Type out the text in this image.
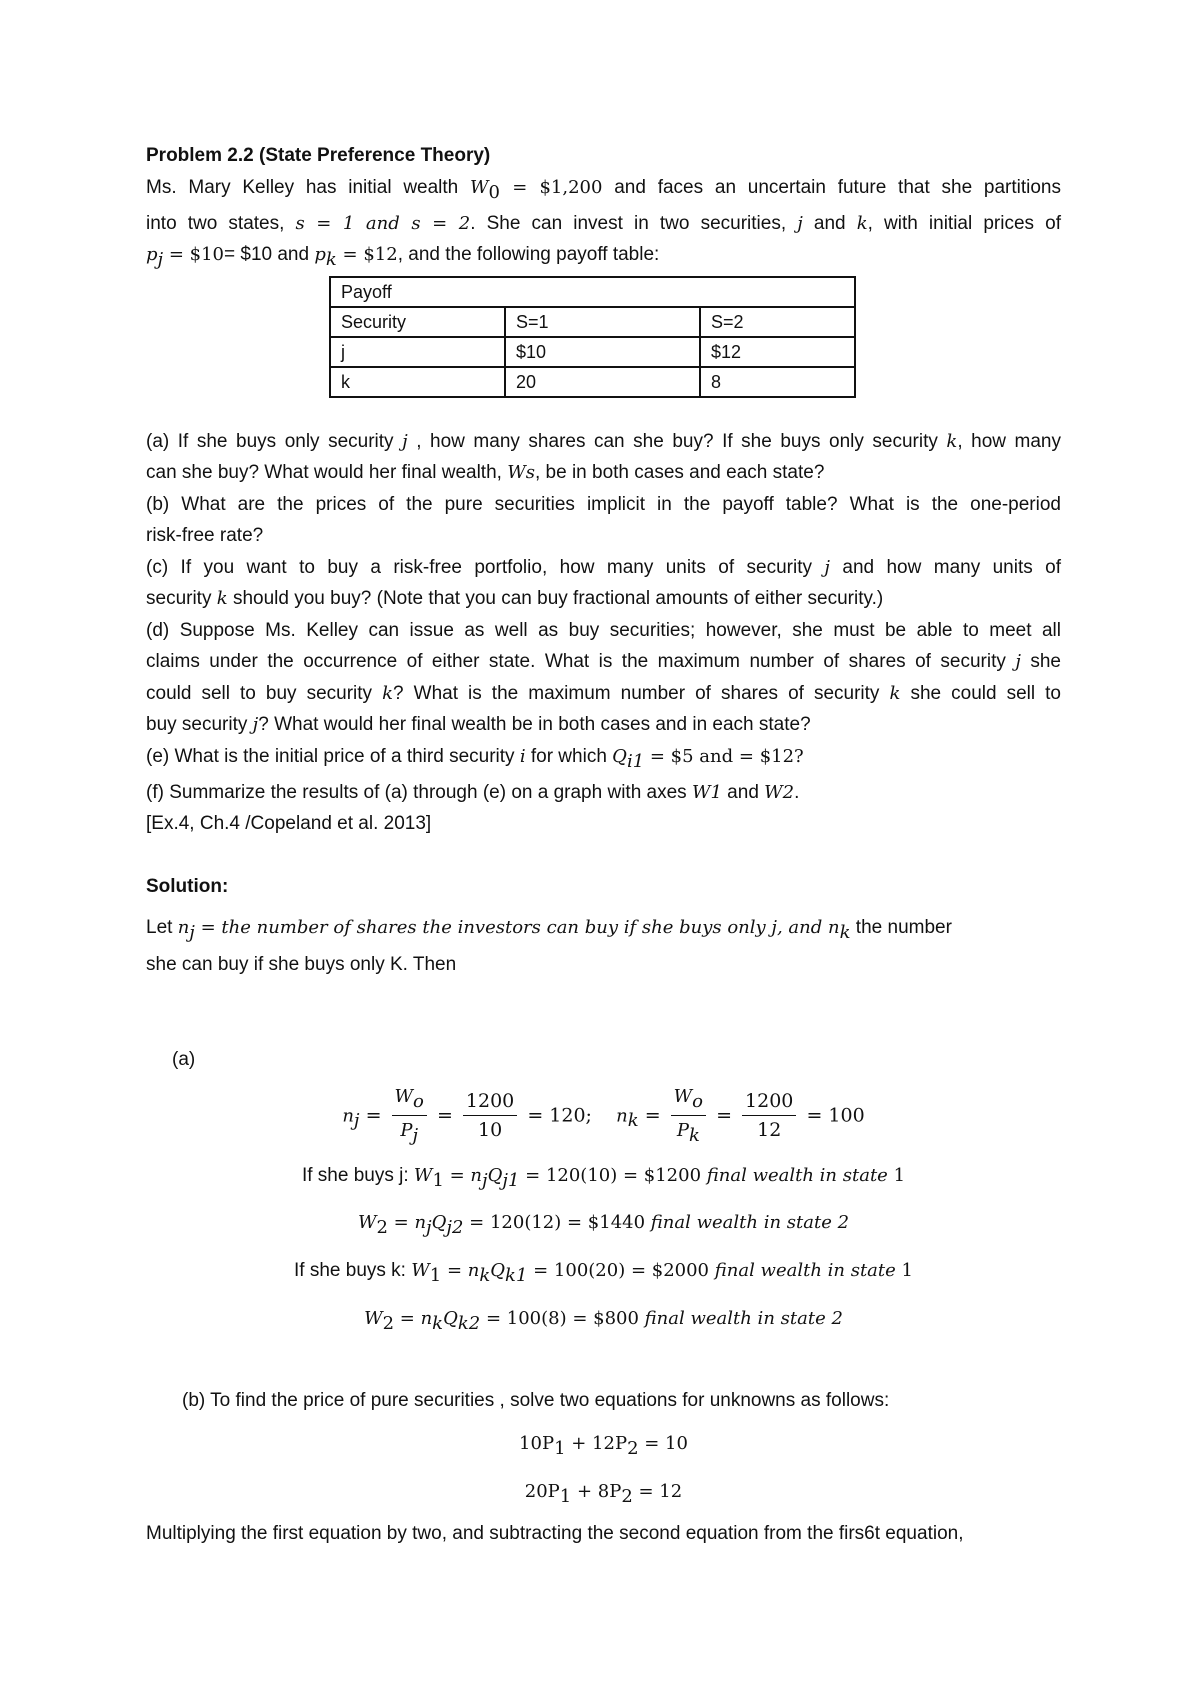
Problem 2.2 (State Preference Theory)

Ms. Mary Kelley has initial wealth $W_0$ = $1,200 and faces an uncertain future that she partitions

into two states, s = 1 and s = 2. She can invest in two securities, j and k, with initial prices of

$p_j$ = $10= $10 and $p_k$ = $12, and the following payoff table:

Payoff		
Security	S=1	S=2
j	$10	$12
k	20	8

(a) If she buys only security j , how many shares can she buy? If she buys only security k, how many

can she buy? What would her final wealth, Ws, be in both cases and each state?

(b) What are the prices of the pure securities implicit in the payoff table? What is the one-period

risk-free rate?

(c) If you want to buy a risk-free portfolio, how many units of security j and how many units of

security k should you buy? (Note that you can buy fractional amounts of either security.)

(d) Suppose Ms. Kelley can issue as well as buy securities; however, she must be able to meet all

claims under the occurrence of either state. What is the maximum number of shares of security j she

could sell to buy security k? What is the maximum number of shares of security k she could sell to

buy security j? What would her final wealth be in both cases and in each state?

(e) What is the initial price of a third security i for which $Q_{i1}$ = $5 and = $12?

(f) Summarize the results of (a) through (e) on a graph with axes W1 and W2.

[Ex.4, Ch.4 /Copeland et al. 2013]

Solution:

Let $n_j$ = the number of shares the investors can buy if she buys only j, and $n_k$ the number

she can buy if she buys only K. Then

(a)

$n_j = \frac{W_o}{P_j} = \frac{1200}{10} = 120$; $n_k = \frac{W_o}{P_k} = \frac{1200}{12} = 100$
If she buys j: $W_1 = n_jQ_{j1} = 120(10)$ = $1200 final wealth in state 1
$W_2 = n_jQ_{j2} = 120(12)$ = $1440 final wealth in state 2
If she buys k: $W_1 = n_kQ_{k1} = 100(20)$ = $2000 final wealth in state 1
$W_2 = n_kQ_{k2} = 100(8)$ = $800 final wealth in state 2

(b) To find the price of pure securities , solve two equations for unknowns as follows:

$10P_1 + 12P_2 = 10$
$20P_1 + 8P_2 = 12$

Multiplying the first equation by two, and subtracting the second equation from the firs6t equation,
